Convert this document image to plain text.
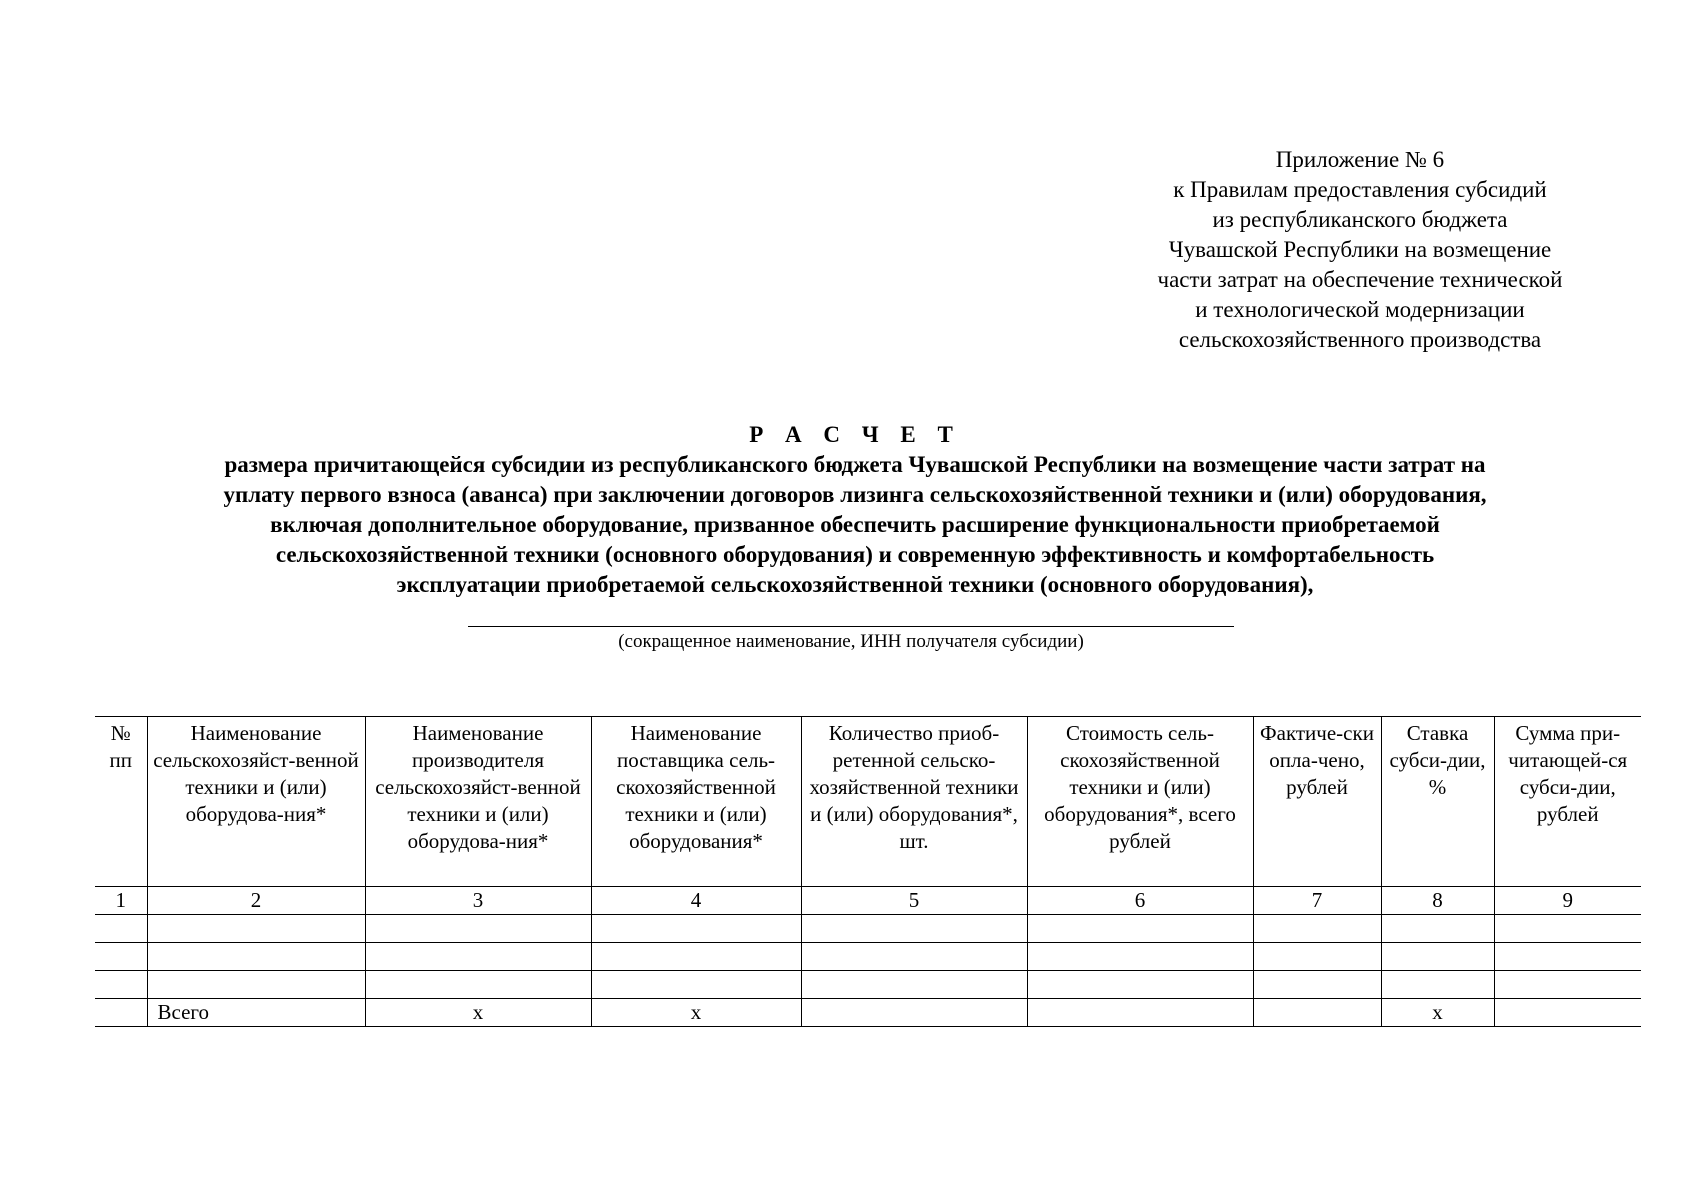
Приложение № 6
к Правилам предоставления субсидий
из республиканского бюджета
Чувашской Республики на возмещение
части затрат на обеспечение технической
и технологической модернизации
сельскохозяйственного производства
Р А С Ч Е Т
размера причитающейся субсидии из республиканского бюджета Чувашской Республики на возмещение части затрат на
уплату первого взноса (аванса) при заключении договоров лизинга сельскохозяйственной техники и (или) оборудования,
включая дополнительное оборудование, призванное обеспечить расширение функциональности приобретаемой
сельскохозяйственной техники (основного оборудования) и современную эффективность и комфортабельность
эксплуатации приобретаемой сельскохозяйственной техники (основного оборудования),
(сокращенное наименование, ИНН получателя субсидии)
№ пп	Наименование сельскохозяйст-венной техники и (или) оборудова-ния*	Наименование производителя сельскохозяйст-венной техники и (или) оборудова-ния*	Наименование поставщика сель-скохозяйственной техники и (или) оборудования*	Количество приоб-ретенной сельско-хозяйственной техники и (или) оборудования*, шт.	Стоимость сель-скохозяйственной техники и (или) оборудования*, всего рублей	Фактиче-ски опла-чено, рублей	Ставка субси-дии, %	Сумма при-читающей-ся субси-дии, рублей
1	2	3	4	5	6	7	8	9

	Всего	х	х				х	
